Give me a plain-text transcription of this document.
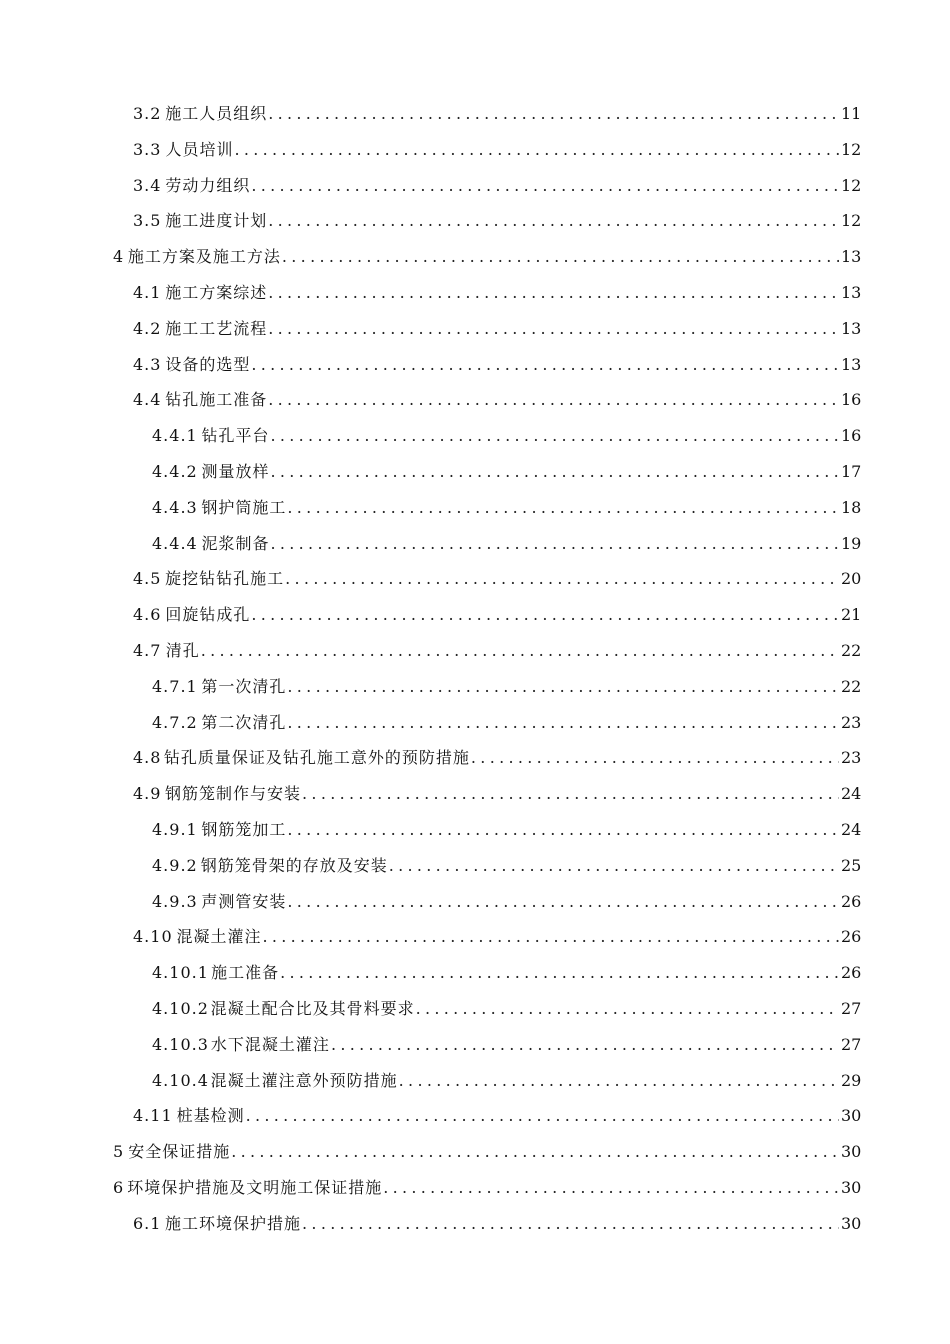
3.2 施工人员组织 .....	11
3.3 人员培训 .....	12
3.4 劳动力组织 .....	12
3.5 施工进度计划 .....	12
4 施工方案及施工方法 .....	13
4.1 施工方案综述 .....	13
4.2 施工工艺流程 .....	13
4.3 设备的选型 .....	13
4.4 钻孔施工准备 .....	16
4.4.1 钻孔平台 .....	16
4.4.2 测量放样 .....	17
4.4.3 钢护筒施工 .....	18
4.4.4 泥浆制备 .....	19
4.5 旋挖钻钻孔施工 .....	20
4.6 回旋钻成孔 .....	21
4.7 清孔 .....	22
4.7.1 第一次清孔 .....	22
4.7.2 第二次清孔 .....	23
4.8 钻孔质量保证及钻孔施工意外的预防措施 .....	23
4.9 钢筋笼制作与安装 .....	24
4.9.1 钢筋笼加工 .....	24
4.9.2 钢筋笼骨架的存放及安装 .....	25
4.9.3 声测管安装 .....	26
4.10 混凝土灌注 .....	26
4.10.1 施工准备 .....	26
4.10.2 混凝土配合比及其骨料要求 .....	27
4.10.3 水下混凝土灌注 .....	27
4.10.4 混凝土灌注意外预防措施 .....	29
4.11 桩基检测 .....	30
5 安全保证措施 .....	30
6 环境保护措施及文明施工保证措施 .....	30
6.1 施工环境保护措施 .....	30
